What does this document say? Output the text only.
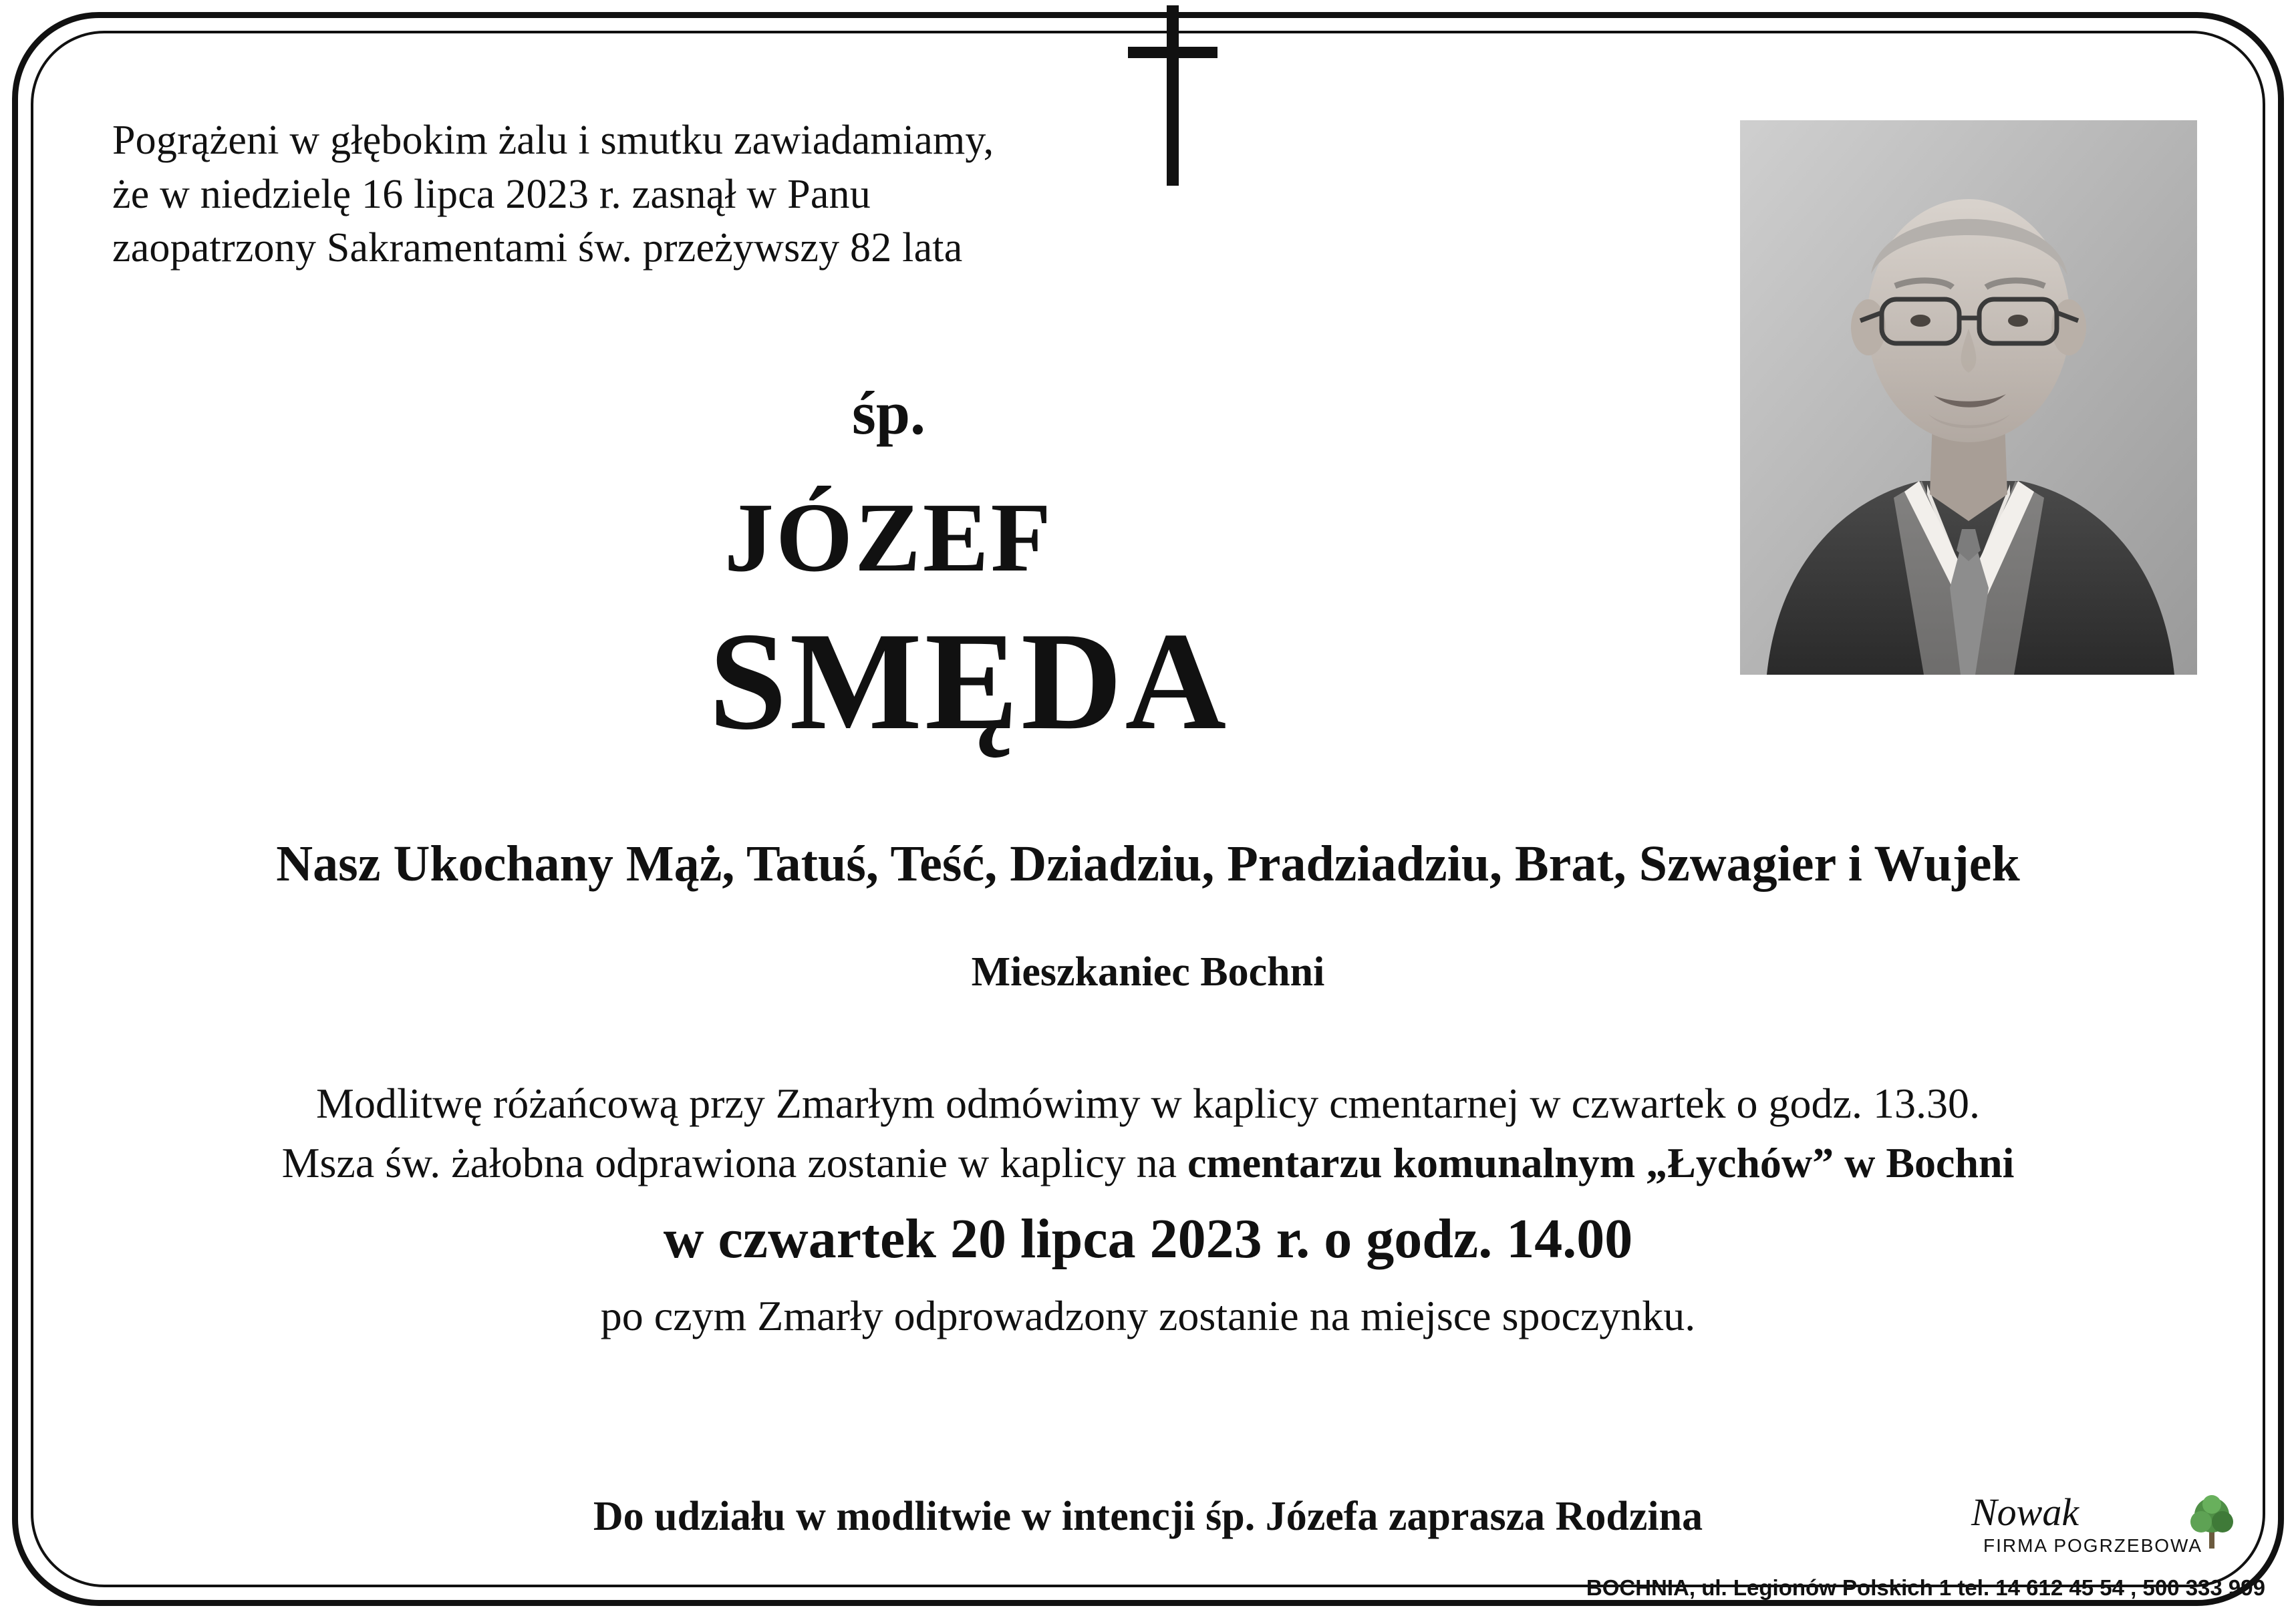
Pogrążeni w głębokim żalu i smutku zawiadamiamy,
że w niedzielę 16 lipca 2023 r. zasnął w Panu
zaopatrzony Sakramentami św. przeżywszy 82 lata
śp.
JÓZEF
SMĘDA
Nasz Ukochany Mąż, Tatuś, Teść, Dziadziu, Pradziadziu, Brat, Szwagier i Wujek
Mieszkaniec Bochni
Modlitwę różańcową przy Zmarłym odmówimy w kaplicy cmentarnej w czwartek o godz. 13.30.
Msza św. żałobna odprawiona zostanie w kaplicy na cmentarzu komunalnym „Łychów” w Bochni
w czwartek 20 lipca 2023 r. o godz. 14.00
po czym Zmarły odprowadzony zostanie na miejsce spoczynku.
Do udziału w modlitwie w intencji śp. Józefa zaprasza Rodzina	Nowak
FIRMA POGRZEBOWA
BOCHNIA, ul. Legionów Polskich 1 tel. 14 612 45 54 , 500 333 999
